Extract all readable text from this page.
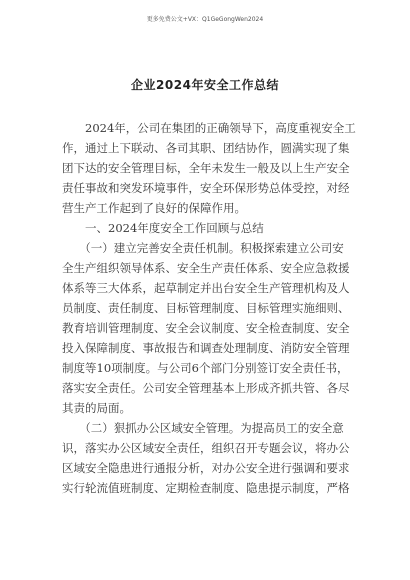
更多免费公文+VX：Q1GeGongWen2024
企业2024年安全工作总结
　　2024年，公司在集团的正确领导下，高度重视安全工
作，通过上下联动、各司其职、团结协作，圆满实现了集
团下达的安全管理目标，全年未发生一般及以上生产安全
责任事故和突发环境事件，安全环保形势总体受控，对经
营生产工作起到了良好的保障作用。
　　一、2024年度安全工作回顾与总结
　　（一）建立完善安全责任机制。积极探索建立公司安
全生产组织领导体系、安全生产责任体系、安全应急救援
体系等三大体系，起草制定并出台安全生产管理机构及人
员制度、责任制度、目标管理制度、目标管理实施细则、
教育培训管理制度、安全会议制度、安全检查制度、安全
投入保障制度、事故报告和调查处理制度、消防安全管理
制度等10项制度。与公司6个部门分别签订安全责任书，
落实安全责任。公司安全管理基本上形成齐抓共管、各尽
其责的局面。
　　（二）狠抓办公区域安全管理。为提高员工的安全意
识，落实办公区域安全责任，组织召开专题会议，将办公
区域安全隐患进行通报分析，对办公安全进行强调和要求
实行轮流值班制度、定期检查制度、隐患提示制度，严格
